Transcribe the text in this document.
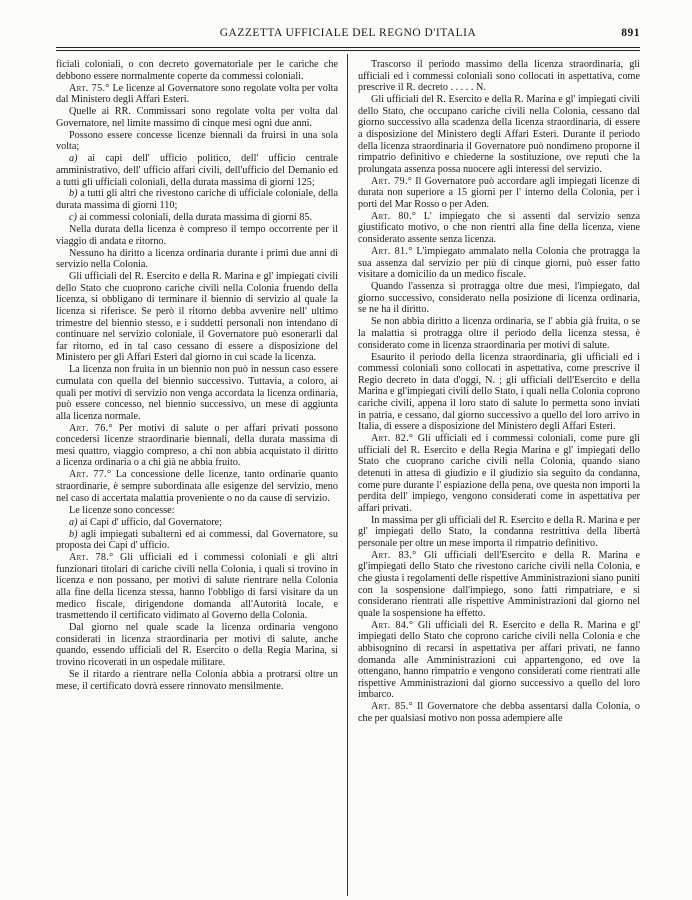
GAZZETTA UFFICIALE DEL REGNO D'ITALIA	891

ficiali coloniali, o con decreto governatoriale per le cariche che debbono essere normalmente coperte da commessi coloniali.

Art. 75.° Le licenze al Governatore sono regolate volta per volta dal Ministero degli Affari Esteri.

Quelle ai RR. Commissari sono regolate volta per volta dal Governatore, nel limite massimo di cinque mesi ogni due anni.

Possono essere concesse licenze biennali da fruirsi in una sola volta;

a) ai capi dell' ufficio politico, dell' ufficio centrale amministrativo, dell' ufficio affari civili, dell'ufficio del Demanio ed a tutti gli ufficiali coloniali, della durata massima di giorni 125;

b) a tutti gli altri che rivestono cariche di ufficiale coloniale, della durata massima di giorni 110;

c) ai commessi coloniali, della durata massima di giorni 85.

Nella durata della licenza è compreso il tempo occorrente per il viaggio di andata e ritorno.

Nessuno ha diritto a licenza ordinaria durante i primi due anni di servizio nella Colonia.

Gli ufficiali del R. Esercito e della R. Marina e gl' impiegati civili dello Stato che cuoprono cariche civili nella Colonia fruendo della licenza, si obbligano di terminare il biennio di servizio al quale la licenza si riferisce. Se però il ritorno debba avvenire nell' ultimo trimestre del biennio stesso, e i suddetti personali non intendano di continuare nel servizio coloniale, il Governatore può esonerarli dal far ritorno, ed in tal caso cessano di essere a disposizione del Ministero per gli Affari Esteri dal giorno in cui scade la licenza.

La licenza non fruita in un biennio non può in nessun caso essere cumulata con quella del biennio successivo. Tuttavia, a coloro, ai quali per motivi di servizio non venga accordata la licenza ordinaria, può essere concesso, nel biennio successivo, un mese di aggiunta alla licenza normale.

Art. 76.° Per motivi di salute o per affari privati possono concedersi licenze straordinarie biennali, della durata massima di mesi quattro, viaggio compreso, a chi non abbia acquistato il diritto a licenza ordinaria o a chi già ne abbia fruito.

Art. 77.° La concessione delle licenze, tanto ordinarie quanto straordinarie, è sempre subordinata alle esigenze del servizio, meno nel caso di accertata malattia proveniente o no da cause di servizio.

Le licenze sono concesse:

a) ai Capi d' ufficio, dal Governatore;

b) agli impiegati subalterni ed ai commessi, dal Governatore, su proposta dei Capi d' ufficio.

Art. 78.° Gli ufficiali ed i commessi coloniali e gli altri funzionari titolari di cariche civili nella Colonia, i quali si trovino in licenza e non possano, per motivi di salute rientrare nella Colonia alla fine della licenza stessa, hanno l'obbligo di farsi visitare da un medico fiscale, dirigendone domanda all'Autorità locale, e trasmettendo il certificato vidimato al Governo della Colonia.

Dal giorno nel quale scade la licenza ordinaria vengono considerati in licenza straordinaria per motivi di salute, anche quando, essendo ufficiali del R. Esercito o della Regia Marina, si trovino ricoverati in un ospedale militare.

Se il ritardo a rientrare nella Colonia abbia a protrarsi oltre un mese, il certificato dovrà essere rinnovato mensilmente.

Trascorso il periodo massimo della licenza straordinaria, gli ufficiali ed i commessi coloniali sono collocati in aspettativa, come prescrive il R. decreto . . . . . N.

Gli ufficiali del R. Esercito e della R. Marina e gl' impiegati civili dello Stato, che occupano cariche civili nella Colonia, cessano dal giorno successivo alla scadenza della licenza straordinaria, di essere a disposizione del Ministero degli Affari Esteri. Durante il periodo della licenza straordinaria il Governatore può nondimeno proporne il rimpatrio definitivo e chiederne la sostituzione, ove reputi che la prolungata assenza possa nuocere agli interessi del servizio.

Art. 79.° Il Governatore può accordare agli impiegati licenze di durata non superiore a 15 giorni per l' interno della Colonia, per i porti del Mar Rosso o per Aden.

Art. 80.° L' impiegato che si assenti dal servizio senza giustificato motivo, o che non rientri alla fine della licenza, viene considerato assente senza licenza.

Art. 81.° L'impiegato ammalato nella Colonia che protragga la sua assenza dal servizio per più di cinque giorni, può esser fatto visitare a domicilio da un medico fiscale.

Quando l'assenza si protragga oltre due mesi, l'impiegato, dal giorno successivo, considerato nella posizione di licenza ordinaria, se ne ha il diritto.

Se non abbia diritto a licenza ordinaria, se l' abbia già fruita, o se la malattia si protragga oltre il periodo della licenza stessa, è considerato come in licenza straordinaria per motivi di salute.

Esaurito il periodo della licenza straordinaria, gli ufficiali ed i commessi coloniali sono collocati in aspettativa, come prescrive il Regio decreto in data d'oggi, N. ; gli ufficiali dell'Esercito e della Marina e gl'impiegati civili dello Stato, i quali nella Colonia coprono cariche civili, appena il loro stato di salute lo permetta sono inviati in patria, e cessano, dal giorno successivo a quello del loro arrivo in Italia, di essere a disposizione del Ministero degli Affari Esteri.

Art. 82.° Gli ufficiali ed i commessi coloniali, come pure gli ufficiali del R. Esercito e della Regia Marina e gl' impiegati dello Stato che cuoprano cariche civili nella Colonia, quando siano detenuti in attesa di giudizio e il giudizio sia seguito da condanna, come pure durante l' espiazione della pena, ove questa non importi la perdita dell' impiego, vengono considerati come in aspettativa per affari privati.

In massima per gli ufficiali del R. Esercito e della R. Marina e per gl' impiegati dello Stato, la condanna restrittiva della libertà personale per oltre un mese importa il rimpatrio definitivo.

Art. 83.° Gli ufficiali dell'Esercito e della R. Marina e gl'impiegati dello Stato che rivestono cariche civili nella Colonia, e che giusta i regolamenti delle rispettive Amministrazioni siano puniti con la sospensione dall'impiego, sono fatti rimpatriare, e si considerano rientrati alle rispettive Amministrazioni dal giorno nel quale la sospensione ha effetto.

Art. 84.° Gli ufficiali del R. Esercito e della R. Marina e gl' impiegati dello Stato che coprono cariche civili nella Colonia e che abbisognino di recarsi in aspettativa per affari privati, ne fanno domanda alle Amministrazioni cui appartengono, ed ove la ottengano, hanno rimpatrio e vengono considerati come rientrati alle rispettive Amministrazioni dal giorno successivo a quello del loro imbarco.

Art. 85.° Il Governatore che debba assentarsi dalla Colonia, o che per qualsiasi motivo non possa adempiere alle
